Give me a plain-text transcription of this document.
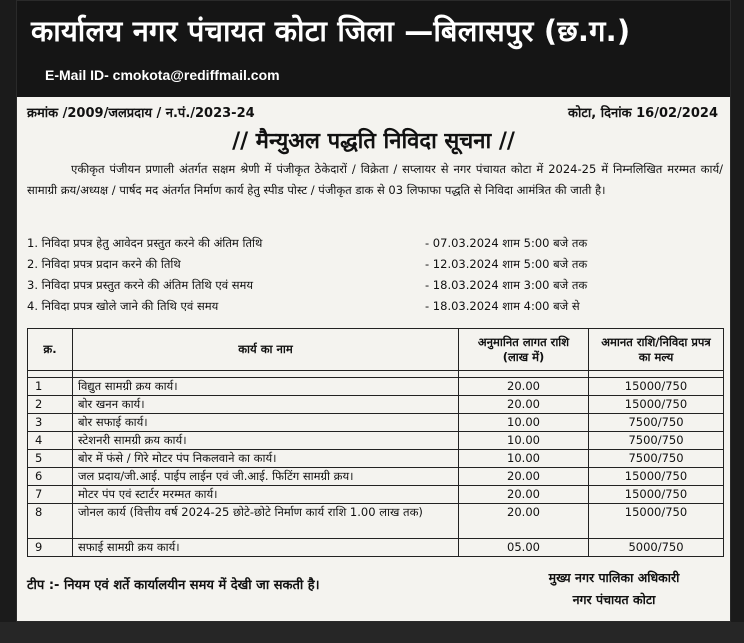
कार्यालय नगर पंचायत कोटा जिला —बिलासपुर (छ.ग.)
E-Mail ID- cmokota@rediffmail.com
क्रमांक /2009/जलप्रदाय / न.पं./2023-24	कोटा, दिनांक 16/02/2024
// मैन्युअल पद्धति निविदा सूचना //

एकीकृत पंजीयन प्रणाली अंतर्गत सक्षम श्रेणी में पंजीकृत ठेकेदारों / विक्रेता / सप्लायर से नगर पंचायत कोटा में 2024-25 में निम्नलिखित मरम्मत कार्य/सामाग्री क्रय/अध्यक्ष / पार्षद मद अंतर्गत निर्माण कार्य हेतु स्पीड पोस्ट / पंजीकृत डाक से 03 लिफाफा पद्धति से निविदा आमंत्रित की जाती है।

1. निविदा प्रपत्र हेतु आवेदन प्रस्तुत करने की अंतिम तिथि	- 07.03.2024 शाम 5:00 बजे तक
2. निविदा प्रपत्र प्रदान करने की तिथि	- 12.03.2024 शाम 5:00 बजे तक
3. निविदा प्रपत्र प्रस्तुत करने की अंतिम तिथि एवं समय	- 18.03.2024 शाम 3:00 बजे तक
4. निविदा प्रपत्र खोले जाने की तिथि एवं समय	- 18.03.2024 शाम 4:00 बजे से
क्र.	कार्य का नाम	अनुमानित लागत राशि (लाख में)	अमानत राशि/निविदा प्रपत्र का मल्य

1	विद्युत सामग्री क्रय कार्य।	20.00	15000/750
2	बोर खनन कार्य।	20.00	15000/750
3	बोर सफाई कार्य।	10.00	7500/750
4	स्टेशनरी सामग्री क्रय कार्य।	10.00	7500/750
5	बोर में फंसे / गिरे मोटर पंप निकलवाने का कार्य।	10.00	7500/750
6	जल प्रदाय/जी.आई. पाईप लाईन एवं जी.आई. फिटिंग सामग्री क्रय।	20.00	15000/750
7	मोटर पंप एवं स्टार्टर मरम्मत कार्य।	20.00	15000/750
8	जोनल कार्य (वित्तीय वर्ष 2024-25 छोटे-छोटे निर्माण कार्य राशि 1.00 लाख तक)	20.00	15000/750
9	सफाई सामग्री क्रय कार्य।	05.00	5000/750
टीप :- नियम एवं शर्ते कार्यालयीन समय में देखी जा सकती है।
मुख्य नगर पालिका अधिकारी
नगर पंचायत कोटा
